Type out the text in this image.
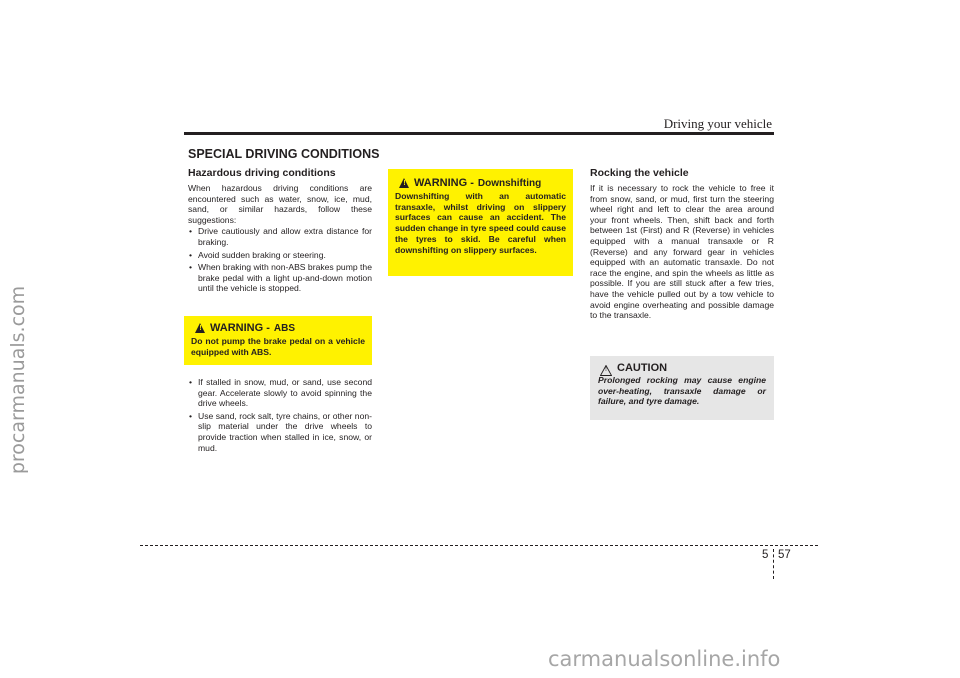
procarmanuals.com
carmanualsonline.info
Driving your vehicle
SPECIAL DRIVING CONDITIONS
Hazardous driving conditions
When hazardous driving conditions are encountered such as water, snow, ice, mud, sand, or similar hazards, follow these suggestions:
• Drive cautiously and allow extra distance for braking.
• Avoid sudden braking or steering.
• When braking with non-ABS brakes pump the brake pedal with a light up-and-down motion until the vehicle is stopped.
! WARNING - ABS
Do not pump the brake pedal on a vehicle equipped with ABS.
• If stalled in snow, mud, or sand, use second gear. Accelerate slowly to avoid spinning the drive wheels.
• Use sand, rock salt, tyre chains, or other non-slip material under the drive wheels to provide traction when stalled in ice, snow, or mud.
! WARNING - Downshifting
Downshifting with an automatic transaxle, whilst driving on slippery surfaces can cause an accident. The sudden change in tyre speed could cause the tyres to skid. Be careful when downshifting on slippery surfaces.
Rocking the vehicle
If it is necessary to rock the vehicle to free it from snow, sand, or mud, first turn the steering wheel right and left to clear the area around your front wheels. Then, shift back and forth between 1st (First) and R (Reverse) in vehicles equipped with a manual transaxle or R (Reverse) and any forward gear in vehicles equipped with an automatic transaxle. Do not race the engine, and spin the wheels as little as possible. If you are still stuck after a few tries, have the vehicle pulled out by a tow vehicle to avoid engine overheating and possible damage to the transaxle.
! CAUTION
Prolonged rocking may cause engine over-heating, transaxle damage or failure, and tyre damage.
5 57
